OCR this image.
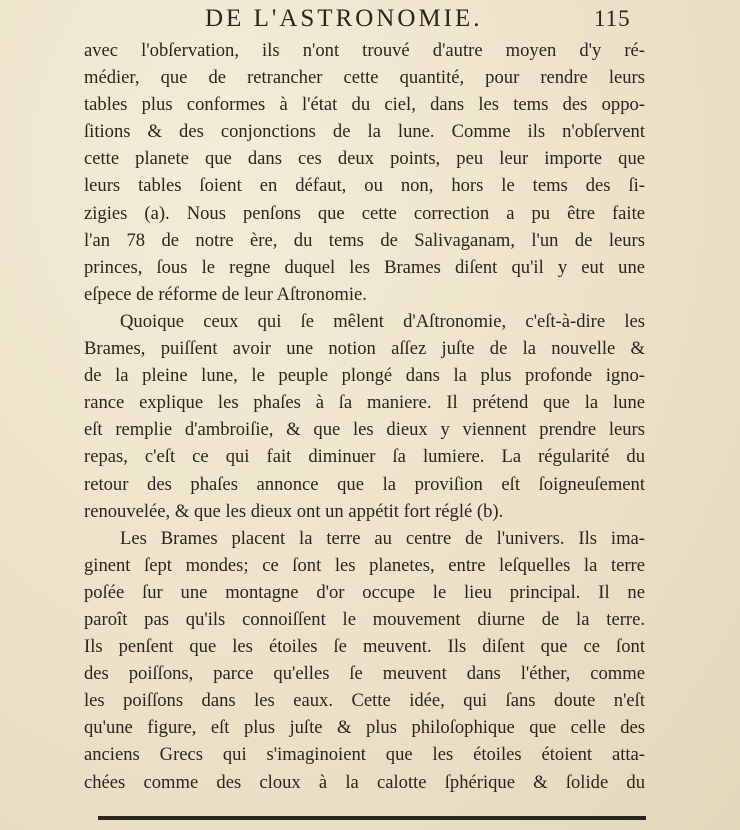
DE L'ASTRONOMIE.	115
avec l'obſervation, ils n'ont trouvé d'autre moyen d'y ré-
médier, que de retrancher cette quantité, pour rendre leurs
tables plus conformes à l'état du ciel, dans les tems des oppo-
ſitions & des conjonctions de la lune. Comme ils n'obſervent
cette planete que dans ces deux points, peu leur importe que
leurs tables ſoient en défaut, ou non, hors le tems des ſi-
zigies (a). Nous penſons que cette correction a pu être faite
l'an 78 de notre ère, du tems de Salivaganam, l'un de leurs
princes, ſous le regne duquel les Brames diſent qu'il y eut une
eſpece de réforme de leur Aſtronomie.
Quoique ceux qui ſe mêlent d'Aſtronomie, c'eſt-à-dire les
Brames, puiſſent avoir une notion aſſez juſte de la nouvelle &
de la pleine lune, le peuple plongé dans la plus profonde igno-
rance explique les phaſes à ſa maniere. Il prétend que la lune
eſt remplie d'ambroiſie, & que les dieux y viennent prendre leurs
repas, c'eſt ce qui fait diminuer ſa lumiere. La régularité du
retour des phaſes annonce que la proviſion eſt ſoigneuſement
renouvelée, & que les dieux ont un appétit fort réglé (b).
Les Brames placent la terre au centre de l'univers. Ils ima-
ginent ſept mondes; ce ſont les planetes, entre leſquelles la terre
poſée ſur une montagne d'or occupe le lieu principal. Il ne
paroît pas qu'ils connoiſſent le mouvement diurne de la terre.
Ils penſent que les étoiles ſe meuvent. Ils diſent que ce ſont
des poiſſons, parce qu'elles ſe meuvent dans l'éther, comme
les poiſſons dans les eaux. Cette idée, qui ſans doute n'eſt
qu'une figure, eſt plus juſte & plus philoſophique que celle des
anciens Grecs qui s'imaginoient que les étoiles étoient atta-
chées comme des cloux à la calotte ſphérique & ſolide du
